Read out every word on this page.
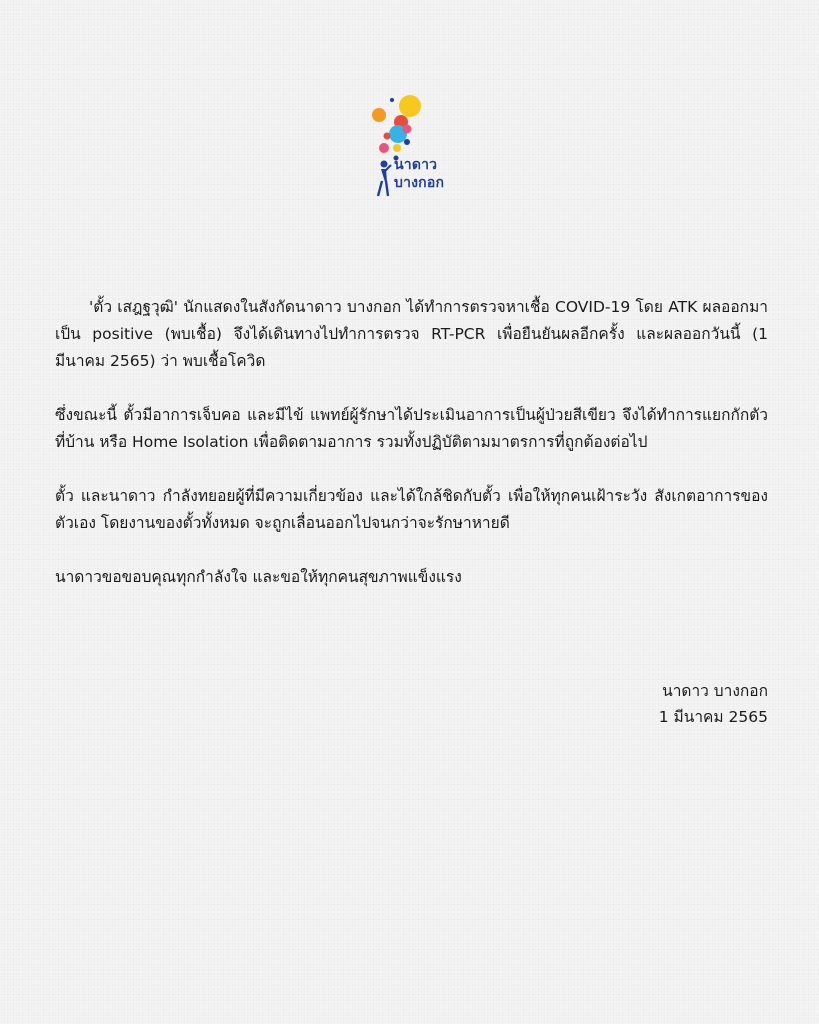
นาดาว
บางกอก

'ตั้ว เสฎฐวุฒิ' นักแสดงในสังกัดนาดาว บางกอก ได้ทำการตรวจหาเชื้อ COVID-19 โดย ATK ผลออกมาเป็น positive (พบเชื้อ) จึงได้เดินทางไปทำการตรวจ RT-PCR เพื่อยืนยันผลอีกครั้ง และผลออกวันนี้ (1 มีนาคม 2565) ว่า พบเชื้อโควิด

ซึ่งขณะนี้ ตั้วมีอาการเจ็บคอ และมีไข้ แพทย์ผู้รักษาได้ประเมินอาการเป็นผู้ป่วยสีเขียว จึงได้ทำการแยกกักตัวที่บ้าน หรือ Home Isolation เพื่อติดตามอาการ รวมทั้งปฏิบัติตามมาตรการที่ถูกต้องต่อไป

ตั้ว และนาดาว กำลังทยอยผู้ที่มีความเกี่ยวข้อง และได้ใกล้ชิดกับตั้ว เพื่อให้ทุกคนเฝ้าระวัง สังเกตอาการของตัวเอง โดยงานของตั้วทั้งหมด จะถูกเลื่อนออกไปจนกว่าจะรักษาหายดี

นาดาวขอขอบคุณทุกกำลังใจ และขอให้ทุกคนสุขภาพแข็งแรง

นาดาว บางกอก
1 มีนาคม 2565
